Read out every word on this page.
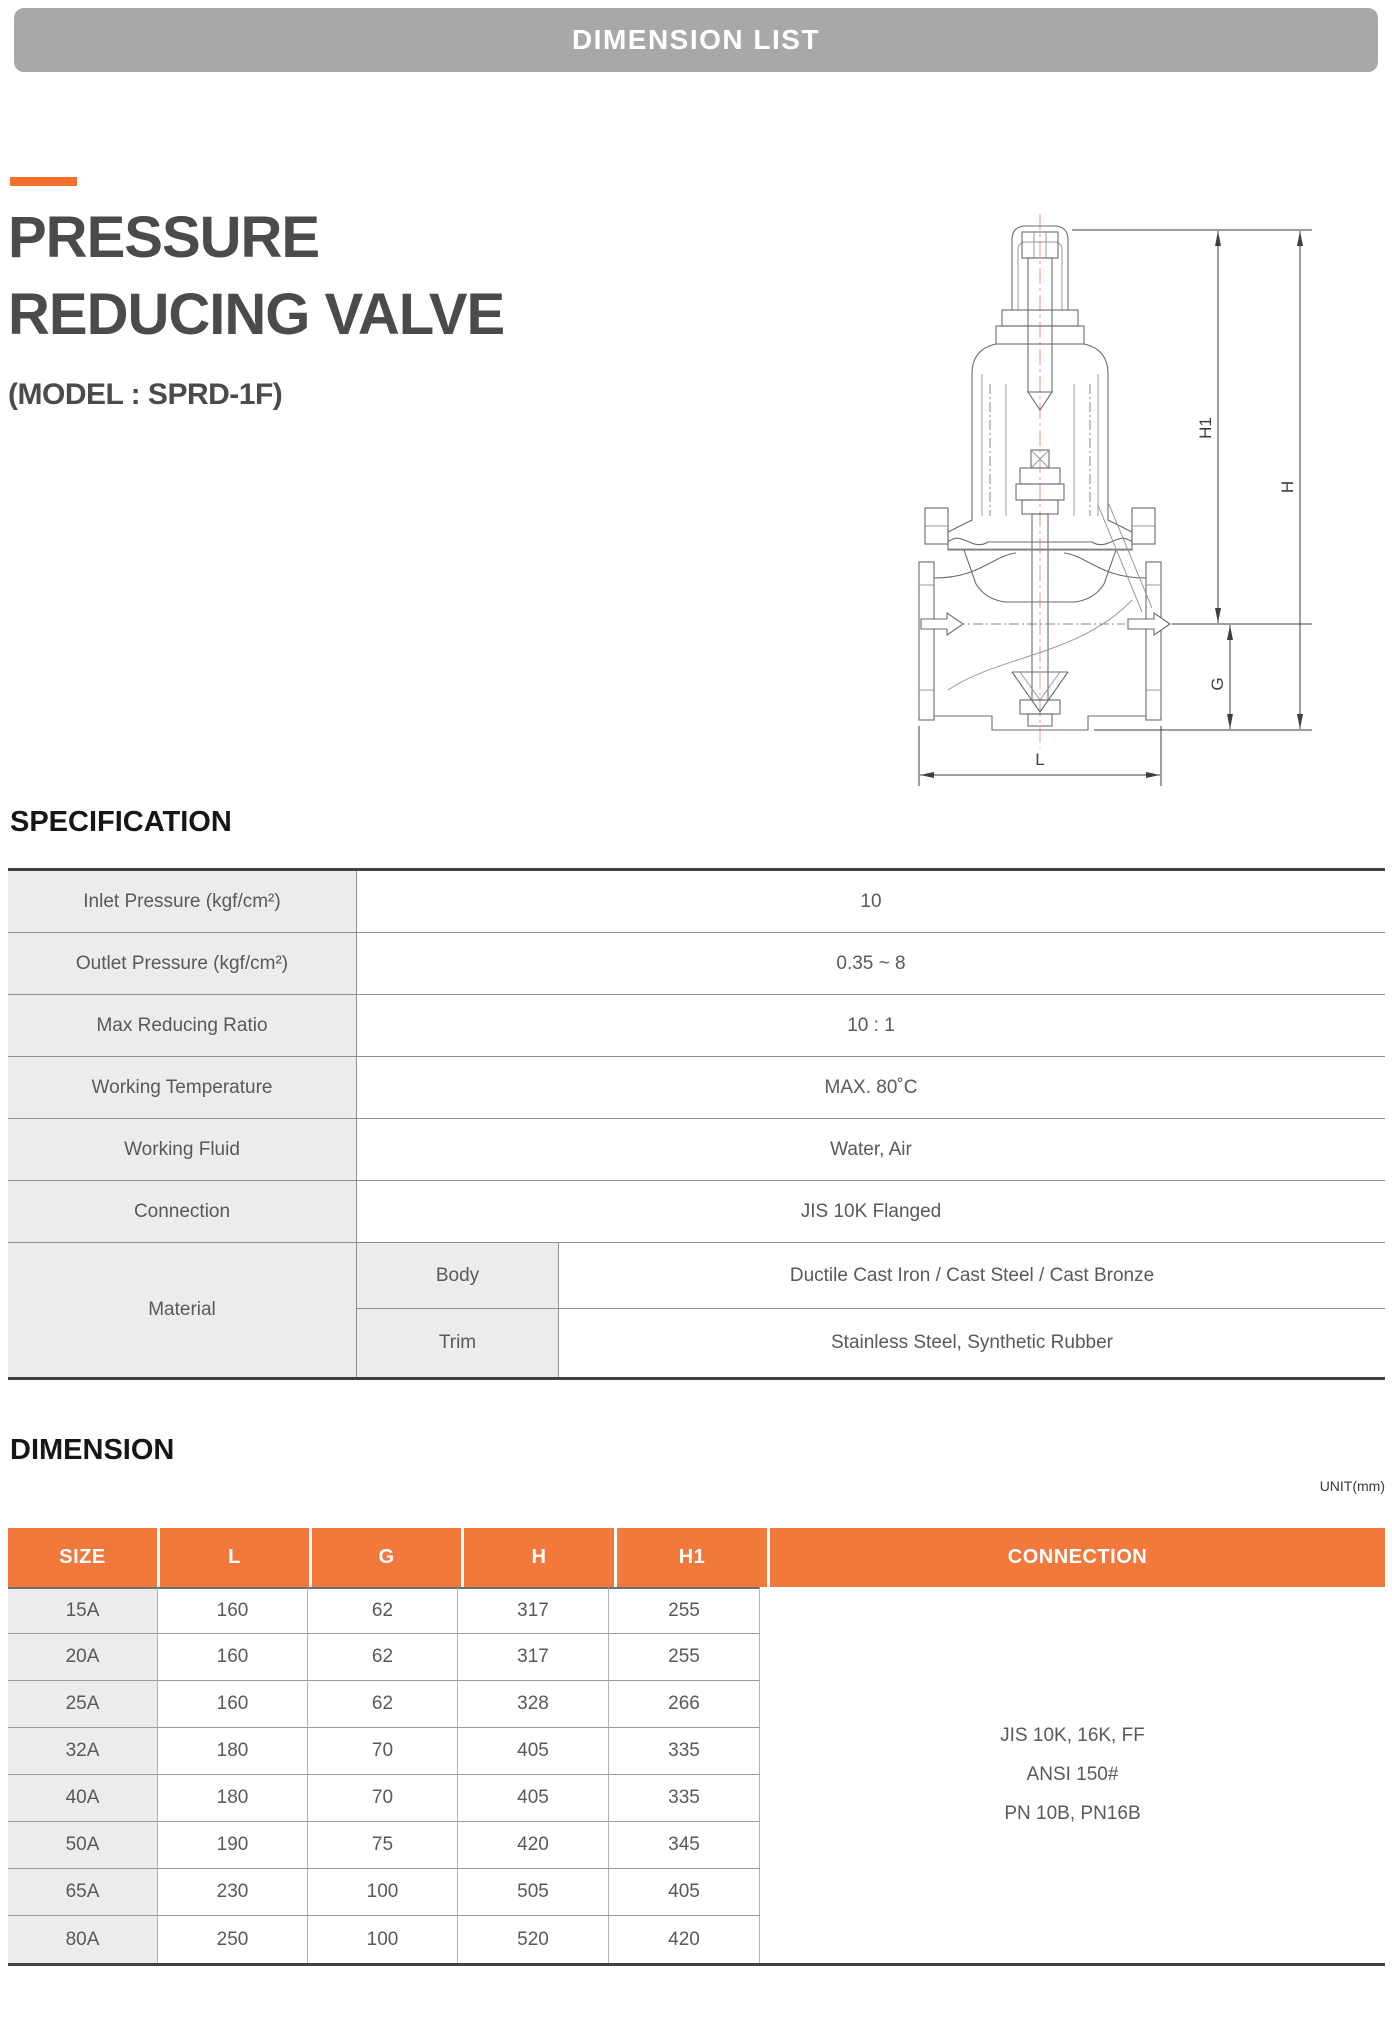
DIMENSION LIST
PRESSURE
REDUCING VALVE
(MODEL : SPRD-1F)
H1
H
G
L
SPECIFICATION
Inlet Pressure (kgf/cm²)	10
Outlet Pressure (kgf/cm²)	0.35 ~ 8
Max Reducing Ratio	10 : 1
Working Temperature	MAX. 80˚C
Working Fluid	Water, Air
Connection	JIS 10K Flanged
Material
Body	Ductile Cast Iron / Cast Steel / Cast Bronze
Trim	Stainless Steel, Synthetic Rubber
DIMENSION
UNIT(mm)
SIZE	L	G	H	H1	CONNECTION
15A	160	62	317	255
20A	160	62	317	255
25A	160	62	328	266
32A	180	70	405	335
40A	180	70	405	335
50A	190	75	420	345
65A	230	100	505	405
80A	250	100	520	420
JIS 10K, 16K, FF
ANSI 150#
PN 10B, PN16B
